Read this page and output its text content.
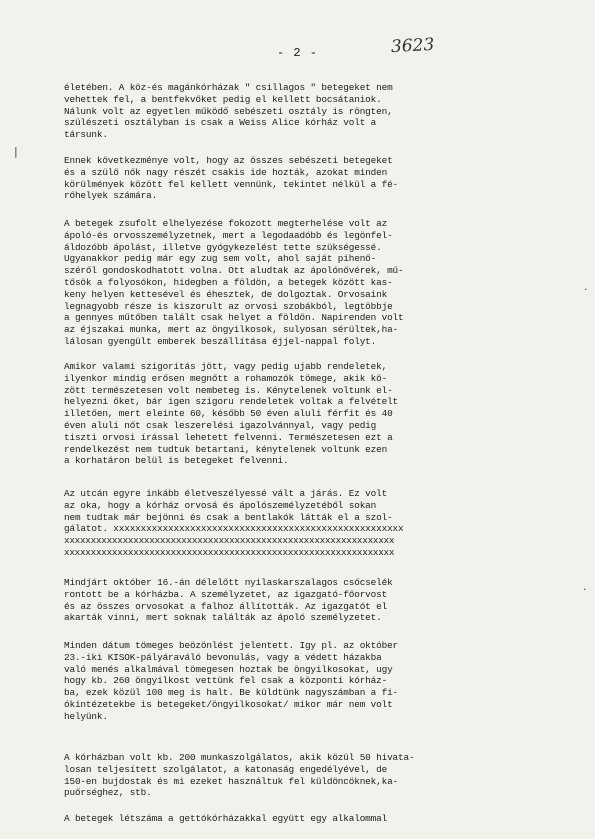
- 2 -	3623
|
·
·
életében. A köz-és magánkórházak " csillagos " betegeket nem
vehettek fel, a bentfekvőket pedig el kellett bocsátaniok.
Nálunk volt az egyetlen működő sebészeti osztály is röngten,
szülészeti osztályban is csak a Weiss Alice kórház volt a
társunk.
Ennek következménye volt, hogy az összes sebészeti betegeket
és a szülő nők nagy részét csakis ide hozták, azokat minden
körülmények között fel kellett vennünk, tekintet nélkül a fé-
rőhelyek számára.
A betegek zsufolt elhelyezése fokozott megterhelése volt az
ápoló-és orvosszemélyzetnek, mert a legodaadóbb és legönfel-
áldozóbb ápolást, illetve gyógykezelést tette szükségessé.
Ugyanakkor pedig már egy zug sem volt, ahol saját pihenő-
széről gondoskodhatott volna. Ott aludtak az ápolónővérek, mű-
tősök a folyosókon, hidegben a földön, a betegek között kas-
keny helyen kettesével és éhesztek, de dolgoztak. Orvosaink
legnagyobb része is kiszorult az orvosi szobákból, legtöbbje
a gennyes műtőben talált csak helyet a földön. Napirenden volt
az éjszakai munka, mert az öngyilkosok, sulyosan sérültek,ha-
lálosan gyengült emberek beszállítása éjjel-nappal folyt.
Amikor valami szigorítás jött, vagy pedig ujabb rendeletek,
ilyenkor mindig erősen megnőtt a rohamozók tömege, akik kö-
zött természetesen volt nembeteg is. Kénytelenek voltunk el-
helyezni őket, bár igen szigoru rendeletek voltak a felvételt
illetően, mert eleinte 60, később 50 éven aluli férfit és 40
éven aluli nőt csak leszerelési igazolvánnyal, vagy pedig
tiszti orvosi írással lehetett felvenni. Természetesen ezt a
rendelkezést nem tudtuk betartani, kénytelenek voltunk ezen
a korhatáron belül is betegeket felvenni.
Az utcán egyre inkább életveszélyessé vált a járás. Ez volt
az oka, hogy a kórház orvosá és ápolószemélyzetéből sokan
nem tudtak már bejönni és csak a bentlakók látták el a szol-
gálatot. xxxxxxxxxxxxxxxxxxxxxxxxxxxxxxxxxxxxxxxxxxxxxxxxxxxxx
xxxxxxxxxxxxxxxxxxxxxxxxxxxxxxxxxxxxxxxxxxxxxxxxxxxxxxxxxxxxxx
xxxxxxxxxxxxxxxxxxxxxxxxxxxxxxxxxxxxxxxxxxxxxxxxxxxxxxxxxxxxxx
Mindjárt október 16.-án délelőtt nyilaskarszalagos csőcselék
rontott be a kórházba. A személyzetet, az igazgató-főorvost
és az összes orvosokat a falhoz állították. Az igazgatót el
akarták vinni, mert soknak találták az ápoló személyzetet.
Minden dátum tömeges beözönlést jelentett. Igy pl. az október
23.-iki KISOK-pályáraváló bevonulás, vagy a védett házakba
való menés alkalmával tömegesen hoztak be öngyilkosokat, ugy
hogy kb. 260 öngyilkost vettünk fel csak a központi kórház-
ba, ezek közül 100 meg is halt. Be küldtünk nagyszámban a fi-
ókintézetekbe is betegeket/öngyilkosokat/ mikor már nem volt
helyünk.
A kórházban volt kb. 200 munkaszolgálatos, akik közül 50 hivata-
losan teljesített szolgálatot, a katonaság engedélyével, de
150-en bujdostak és mi ezeket használtuk fel küldöncöknek,ka-
puőrséghez, stb.
A betegek létszáma a gettókórházakkal együtt egy alkalommal
